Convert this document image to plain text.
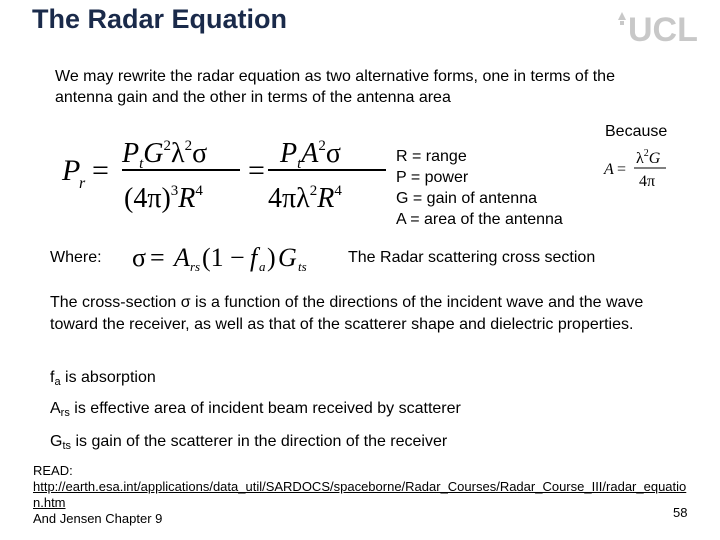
The Radar Equation	UCL
We may rewrite the radar equation as two alternative forms, one in terms of the antenna gain and the other in terms of the antenna area
Because
P
r =
$P_tG^2\lambda^2\sigma$
$(4\pi)^3R^4$
=
$P_tA^2\sigma$
$4\pi\lambda^2R^4$
R = range
P = power
G = gain of antenna
A = area of the antenna
A =
$\lambda^2G$
4π
Where: σ = A rs (1 − f a ) G ts
The Radar scattering cross section
The cross-section σ is a function of the directions of the incident wave and the wave toward the receiver, as well as that of the scatterer shape and dielectric properties.
$f_a$ is absorption
$A_{rs}$ is effective area of incident beam received by scatterer
$G_{ts}$ is gain of the scatterer in the direction of the receiver
READ:
http://earth.esa.int/applications/data_util/SARDOCS/spaceborne/Radar_Courses/Radar_Course_III/radar_equation.htm
And Jensen Chapter 9	58
